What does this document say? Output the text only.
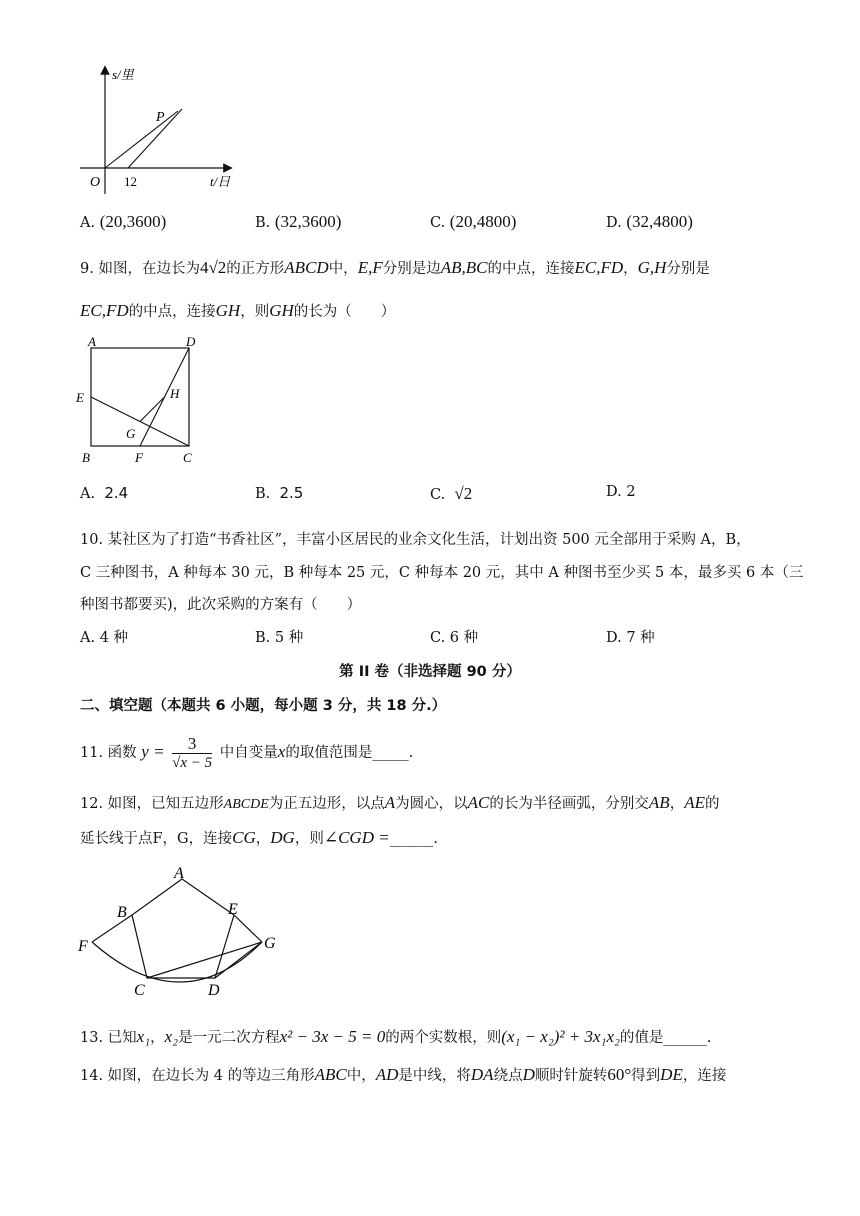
s/里
t/日
O 12
P
A. (20,3600)	B. (32,3600)	C. (20,4800)	D. (32,4800)
9. 如图，在边长为4√2的正方形ABCD中，E,F分别是边AB,BC的中点，连接EC,FD，G,H分别是
EC,FD的中点，连接GH，则GH的长为（　　）
A	D
E	H
G
B	F	C
A. 2.4	B. 2.5	C. √2	D. 2
10. 某社区为了打造“书香社区”，丰富小区居民的业余文化生活，计划出资 500 元全部用于采购 A，B，
C 三种图书，A 种每本 30 元，B 种每本 25 元，C 种每本 20 元，其中 A 种图书至少买 5 本，最多买 6 本（三
种图书都要买)，此次采购的方案有（　　）
A. 4 种	B. 5 种	C. 6 种	D. 7 种
第 II 卷（非选择题 90 分）
二、填空题（本题共 6 小题，每小题 3 分，共 18 分.）
11. 函数 $y = \frac{3}{√x - 5}$ 中自变量x的取值范围是_____.
12. 如图，已知五边形ABCDE为正五边形，以点A为圆心，以AC的长为半径画弧，分别交AB，AE的
延长线于点F，G，连接CG，DG，则∠CGD =______.
A
B	E
F	G
C	D
13. 已知x₁，x₂是一元二次方程x² − 3x − 5 = 0的两个实数根，则(x₁ − x₂)² + 3x₁x₂的值是______.
14. 如图，在边长为 4 的等边三角形ABC中，AD是中线，将DA绕点D顺时针旋转60°得到DE，连接
